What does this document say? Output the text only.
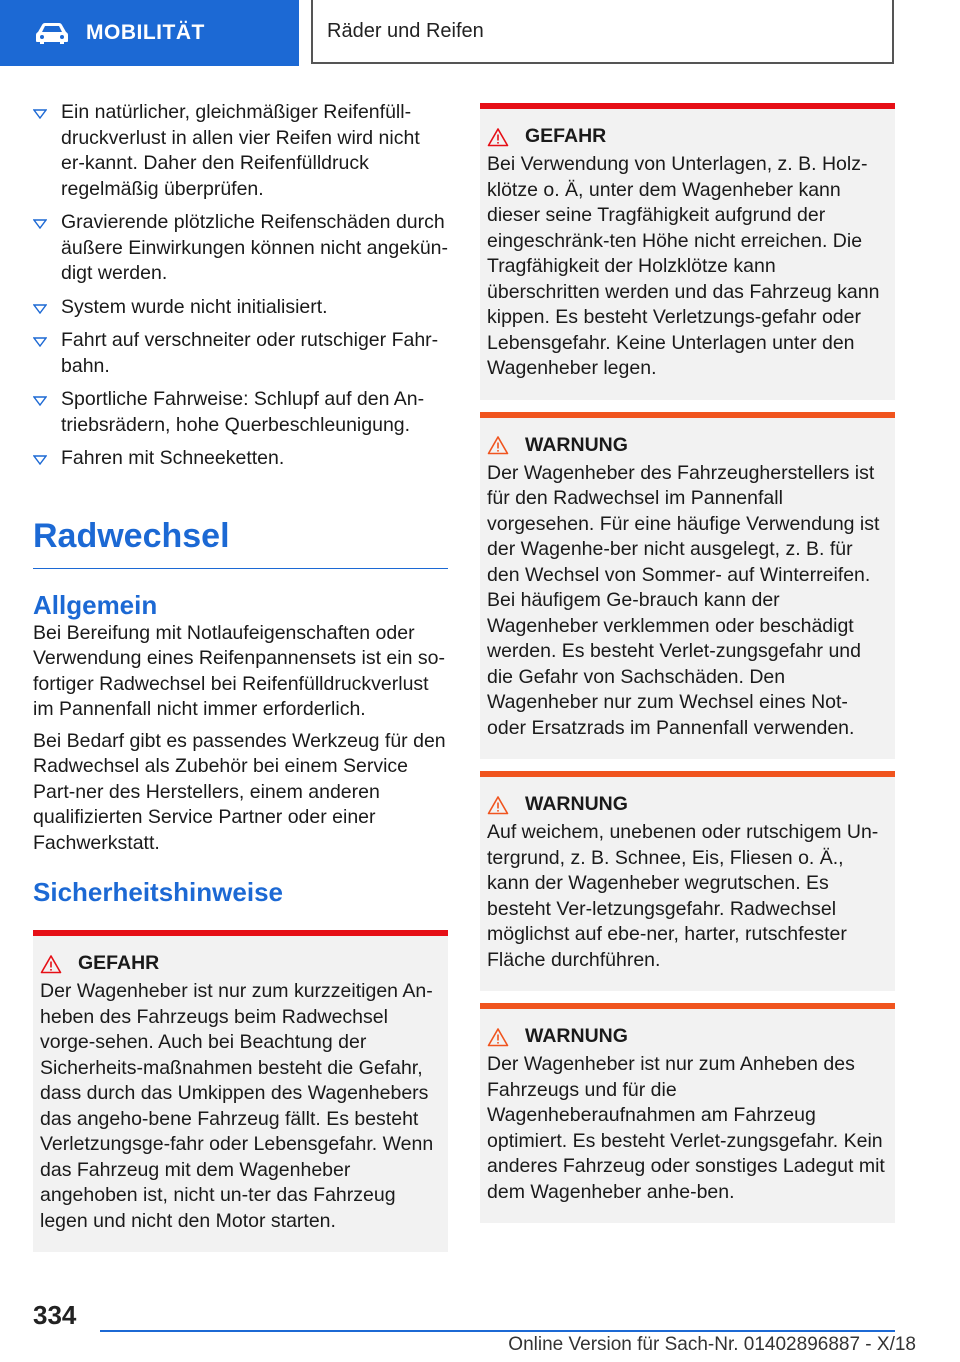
MOBILITÄT	Räder und Reifen
Ein natürlicher, gleichmäßiger Reifenfüll-druckverlust in allen vier Reifen wird nicht er-kannt. Daher den Reifenfülldruck regelmäßig überprüfen.
Gravierende plötzliche Reifenschäden durch äußere Einwirkungen können nicht angekün-digt werden.
System wurde nicht initialisiert.
Fahrt auf verschneiter oder rutschiger Fahr-bahn.
Sportliche Fahrweise: Schlupf auf den An-triebsrädern, hohe Querbeschleunigung.
Fahren mit Schneeketten.
Radwechsel
Allgemein

Bei Bereifung mit Notlaufeigenschaften oder Verwendung eines Reifenpannensets ist ein so-fortiger Radwechsel bei Reifenfülldruckverlust im Pannenfall nicht immer erforderlich.

Bei Bedarf gibt es passendes Werkzeug für den Radwechsel als Zubehör bei einem Service Part-ner des Herstellers, einem anderen qualifizierten Service Partner oder einer Fachwerkstatt.

Sicherheitshinweise
GEFAHR
Der Wagenheber ist nur zum kurzzeitigen An-heben des Fahrzeugs beim Radwechsel vorge-sehen. Auch bei Beachtung der Sicherheits-maßnahmen besteht die Gefahr, dass durch das Umkippen des Wagenhebers das angeho-bene Fahrzeug fällt. Es besteht Verletzungsge-fahr oder Lebensgefahr. Wenn das Fahrzeug mit dem Wagenheber angehoben ist, nicht un-ter das Fahrzeug legen und nicht den Motor starten.
GEFAHR
Bei Verwendung von Unterlagen, z. B. Holz-klötze o. Ä, unter dem Wagenheber kann dieser seine Tragfähigkeit aufgrund der eingeschränk-ten Höhe nicht erreichen. Die Tragfähigkeit der Holzklötze kann überschritten werden und das Fahrzeug kann kippen. Es besteht Verletzungs-gefahr oder Lebensgefahr. Keine Unterlagen unter den Wagenheber legen.
WARNUNG
Der Wagenheber des Fahrzeugherstellers ist für den Radwechsel im Pannenfall vorgesehen. Für eine häufige Verwendung ist der Wagenhe-ber nicht ausgelegt, z. B. für den Wechsel von Sommer- auf Winterreifen. Bei häufigem Ge-brauch kann der Wagenheber verklemmen oder beschädigt werden. Es besteht Verlet-zungsgefahr und die Gefahr von Sachschäden. Den Wagenheber nur zum Wechsel eines Not- oder Ersatzrads im Pannenfall verwenden.
WARNUNG
Auf weichem, unebenen oder rutschigem Un-tergrund, z. B. Schnee, Eis, Fliesen o. Ä., kann der Wagenheber wegrutschen. Es besteht Ver-letzungsgefahr. Radwechsel möglichst auf ebe-ner, harter, rutschfester Fläche durchführen.
WARNUNG
Der Wagenheber ist nur zum Anheben des Fahrzeugs und für die Wagenheberaufnahmen am Fahrzeug optimiert. Es besteht Verlet-zungsgefahr. Kein anderes Fahrzeug oder sonstiges Ladegut mit dem Wagenheber anhe-ben.
334
Online Version für Sach-Nr. 01402896887 - X/18
